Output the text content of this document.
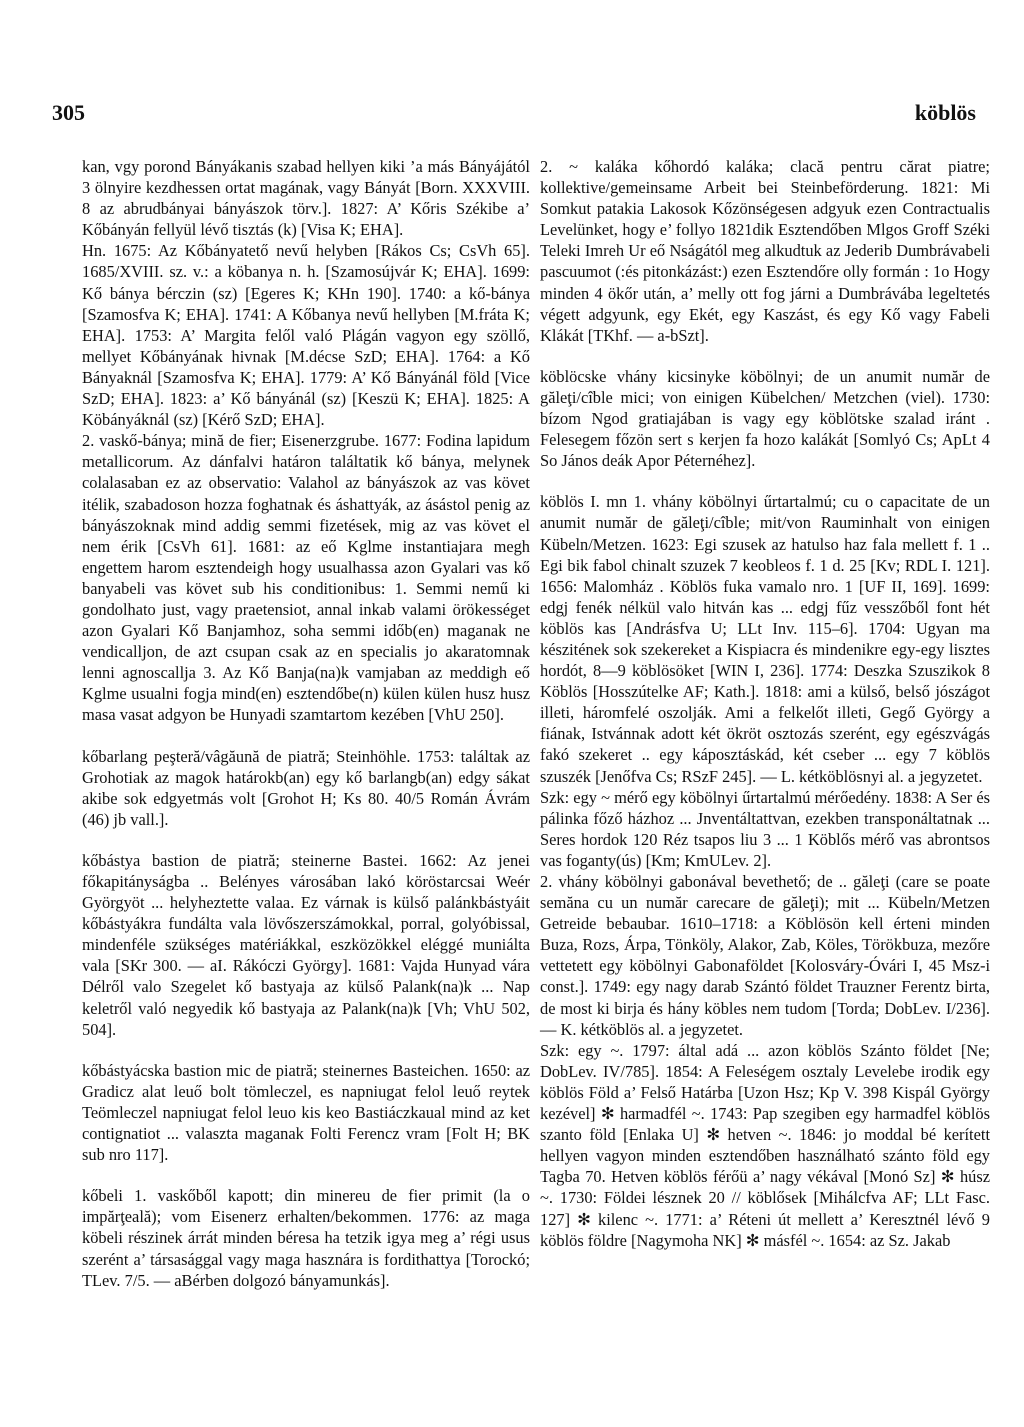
305	köblös

kan, vgy porond Bányákanis szabad hellyen kiki ’a más Bányájától 3 ölnyire kezdhessen ortat magának, vagy Bányát [Born. XXXVIII. 8 az abrudbányai bányászok törv.]. 1827: A’ Kőris Székibe a’ Kőbányán fellyül lévő tisztás (k) [Visa K; EHA].

Hn. 1675: Az Kőbányatető nevű helyben [Rákos Cs; CsVh 65]. 1685/XVIII. sz. v.: a köbanya n. h. [Szamosújvár K; EHA]. 1699: Kő bánya bérczin (sz) [Egeres K; KHn 190]. 1740: a kő-bánya [Szamosfva K; EHA]. 1741: A Kőbanya nevű hellyben [M.fráta K; EHA]. 1753: A’ Margita felől való Plágán vagyon egy szöllő, mellyet Kőbányának hivnak [M.décse SzD; EHA]. 1764: a Kő Bányaknál [Szamosfva K; EHA]. 1779: A’ Kő Bányánál föld [Vice SzD; EHA]. 1823: a’ Kő bányánál (sz) [Keszü K; EHA]. 1825: A Köbányáknál (sz) [Kérő SzD; EHA].

2. vaskő-bánya; mină de fier; Eisenerzgrube. 1677: Fodina lapidum metallicorum. Az dánfalvi határon találtatik kő bánya, melynek colalasaban ez az observatio: Valahol az bányászok az vas követ itélik, szabadoson hozza foghatnak és áshattyák, az ásástol penig az bányászoknak mind addig semmi fizetések, mig az vas követ el nem érik [CsVh 61]. 1681: az eő Kglme instantiajara megh engettem harom esztendeigh hogy usualhassa azon Gyalari vas kő banyabeli vas követ sub his conditionibus: 1. Semmi nemű ki gondolhato just, vagy praetensiot, annal inkab valami örökességet azon Gyalari Kő Banjamhoz, soha semmi időb(en) maganak ne vendicalljon, de azt csupan csak az en specialis jo akaratomnak lenni agnoscallja 3. Az Kő Banja(na)k vamjaban az meddigh eő Kglme usualni fogja mind(en) esztendőbe(n) külen külen husz husz masa vasat adgyon be Hunyadi szamtartom kezében [VhU 250].

kőbarlang peşteră/vâgăună de piatră; Steinhöhle. 1753: találtak az Grohotiak az magok határokb(an) egy kő barlangb(an) edgy sákat akibe sok edgyetmás volt [Grohot H; Ks 80. 40/5 Román Ávrám (46) jb vall.].

kőbástya bastion de piatră; steinerne Bastei. 1662: Az jenei főkapitányságba .. Belényes városában lakó köröstarcsai Weér Györgyöt ... helyheztette valaa. Ez várnak is külső palánkbástyáit kőbástyákra fundálta vala lövőszerszámokkal, porral, golyóbissal, mindenféle szükséges matériákkal, eszközökkel eléggé muniálta vala [SKr 300. — aI. Rákóczi György]. 1681: Vajda Hunyad vára Délről valo Szegelet kő bastyaja az külső Palank(na)k ... Nap keletről való negyedik kő bastyaja az Palank(na)k [Vh; VhU 502, 504].

kőbástyácska bastion mic de piatră; steinernes Basteichen. 1650: az Gradicz alat leuő bolt tömleczel, es napniugat felol leuő reytek Teömleczel napniugat felol leuo kis keo Bastiáczkaual mind az ket contignatiot ... valaszta maganak Folti Ferencz vram [Folt H; BK sub nro 117].

kőbeli 1. vaskőből kapott; din minereu de fier primit (la o impărţeală); vom Eisenerz erhalten/bekommen. 1776: az maga köbeli részinek árrát minden béresa ha tetzik igya meg a’ régi usus szerént a’ társasággal vagy maga hasznára is fordithattya [Torockó; TLev. 7/5. — aBérben dolgozó bányamunkás].

2. ~ kaláka kőhordó kaláka; clacă pentru cărat piatre; kollektive/gemeinsame Arbeit bei Steinbeförderung. 1821: Mi Somkut patakia Lakosok Kőzönségesen adgyuk ezen Contractualis Levelünket, hogy e’ follyo 1821dik Esztendőben Mlgos Groff Széki Teleki Imreh Ur eő Nságától meg alkudtuk az Jederib Dumbrávabeli pascuumot (:és pitonkázást:) ezen Esztendőre olly formán : 1o Hogy minden 4 ökőr után, a’ melly ott fog járni a Dumbrávába legeltetés végett adgyunk, egy Ekét, egy Kaszást, és egy Kő vagy Fabeli Klákát [TKhf. — a-bSzt].

köblöcske vhány kicsinyke köbölnyi; de un anumit număr de găleţi/cîble mici; von einigen Kübelchen/ Metzchen (viel). 1730: bízom Ngod gratiajában is vagy egy köblötske szalad iránt . Felesegem főzön sert s kerjen fa hozo kalákát [Somlyó Cs; ApLt 4 So János deák Apor Péternéhez].

köblös I. mn 1. vhány köbölnyi űrtartalmú; cu o capacitate de un anumit număr de găleţi/cîble; mit/von Rauminhalt von einigen Kübeln/Metzen. 1623: Egi szusek az hatulso haz fala mellett f. 1 .. Egi bik fabol chinalt szuzek 7 keobleos f. 1 d. 25 [Kv; RDL I. 121]. 1656: Malomház . Köblös fuka vamalo nro. 1 [UF II, 169]. 1699: edgj fenék nélkül valo hitván kas ... edgj fűz vesszőből font hét köblös kas [Andrásfva U; LLt Inv. 115–6]. 1704: Ugyan ma készitének sok szekereket a Kispiacra és mindenikre egy-egy lisztes hordót, 8—9 köblösöket [WIN I, 236]. 1774: Deszka Szuszikok 8 Köblös [Hosszútelke AF; Kath.]. 1818: ami a külső, belső jószágot illeti, háromfelé oszolják. Ami a felkelőt illeti, Gegő György a fiának, Istvánnak adott két ökröt osztozás szerént, egy egészvágás fakó szekeret .. egy káposztáskád, két cseber ... egy 7 köblös szuszék [Jenőfva Cs; RSzF 245]. — L. kétköblösnyi al. a jegyzetet.

Szk: egy ~ mérő egy köbölnyi űrtartalmú mérőedény. 1838: A Ser és pálinka főző házhoz ... Jnventáltattvan, ezekben transponáltatnak ... Seres hordok 120 Réz tsapos liu 3 ... 1 Köblős mérő vas abrontsos vas foganty(ús) [Km; KmULev. 2].

2. vhány köbölnyi gabonával bevethető; de .. găleţi (care se poate semăna cu un număr carecare de găleţi); mit ... Kübeln/Metzen Getreide bebaubar. 1610–1718: a Köblösön kell érteni minden Buza, Rozs, Árpa, Tönköly, Alakor, Zab, Köles, Törökbuza, mezőre vettetett egy köbölnyi Gabonaföldet [Kolosváry-Óvári I, 45 Msz-i const.]. 1749: egy nagy darab Szántó földet Trauzner Ferentz birta, de most ki birja és hány köbles nem tudom [Torda; DobLev. I/236]. — K. kétköblös al. a jegyzetet.

Szk: egy ~. 1797: által adá ... azon köblös Szánto földet [Ne; DobLev. IV/785]. 1854: A Feleségem osztaly Levelebe irodik egy köblös Föld a’ Felső Határba [Uzon Hsz; Kp V. 398 Kispál György kezével] ✻ harmadfél ~. 1743: Pap szegiben egy harmadfel köblös szanto föld [Enlaka U] ✻ hetven ~. 1846: jo moddal bé kerített hellyen vagyon minden esztendőben használható szánto föld egy Tagba 70. Hetven köblös férőü a’ nagy vékával [Monó Sz] ✻ húsz ~. 1730: Földei lésznek 20 // köblősek [Mihálcfva AF; LLt Fasc. 127] ✻ kilenc ~. 1771: a’ Réteni út mellett a’ Keresztnél lévő 9 köblös földre [Nagymoha NK] ✻ másfél ~. 1654: az Sz. Jakab
